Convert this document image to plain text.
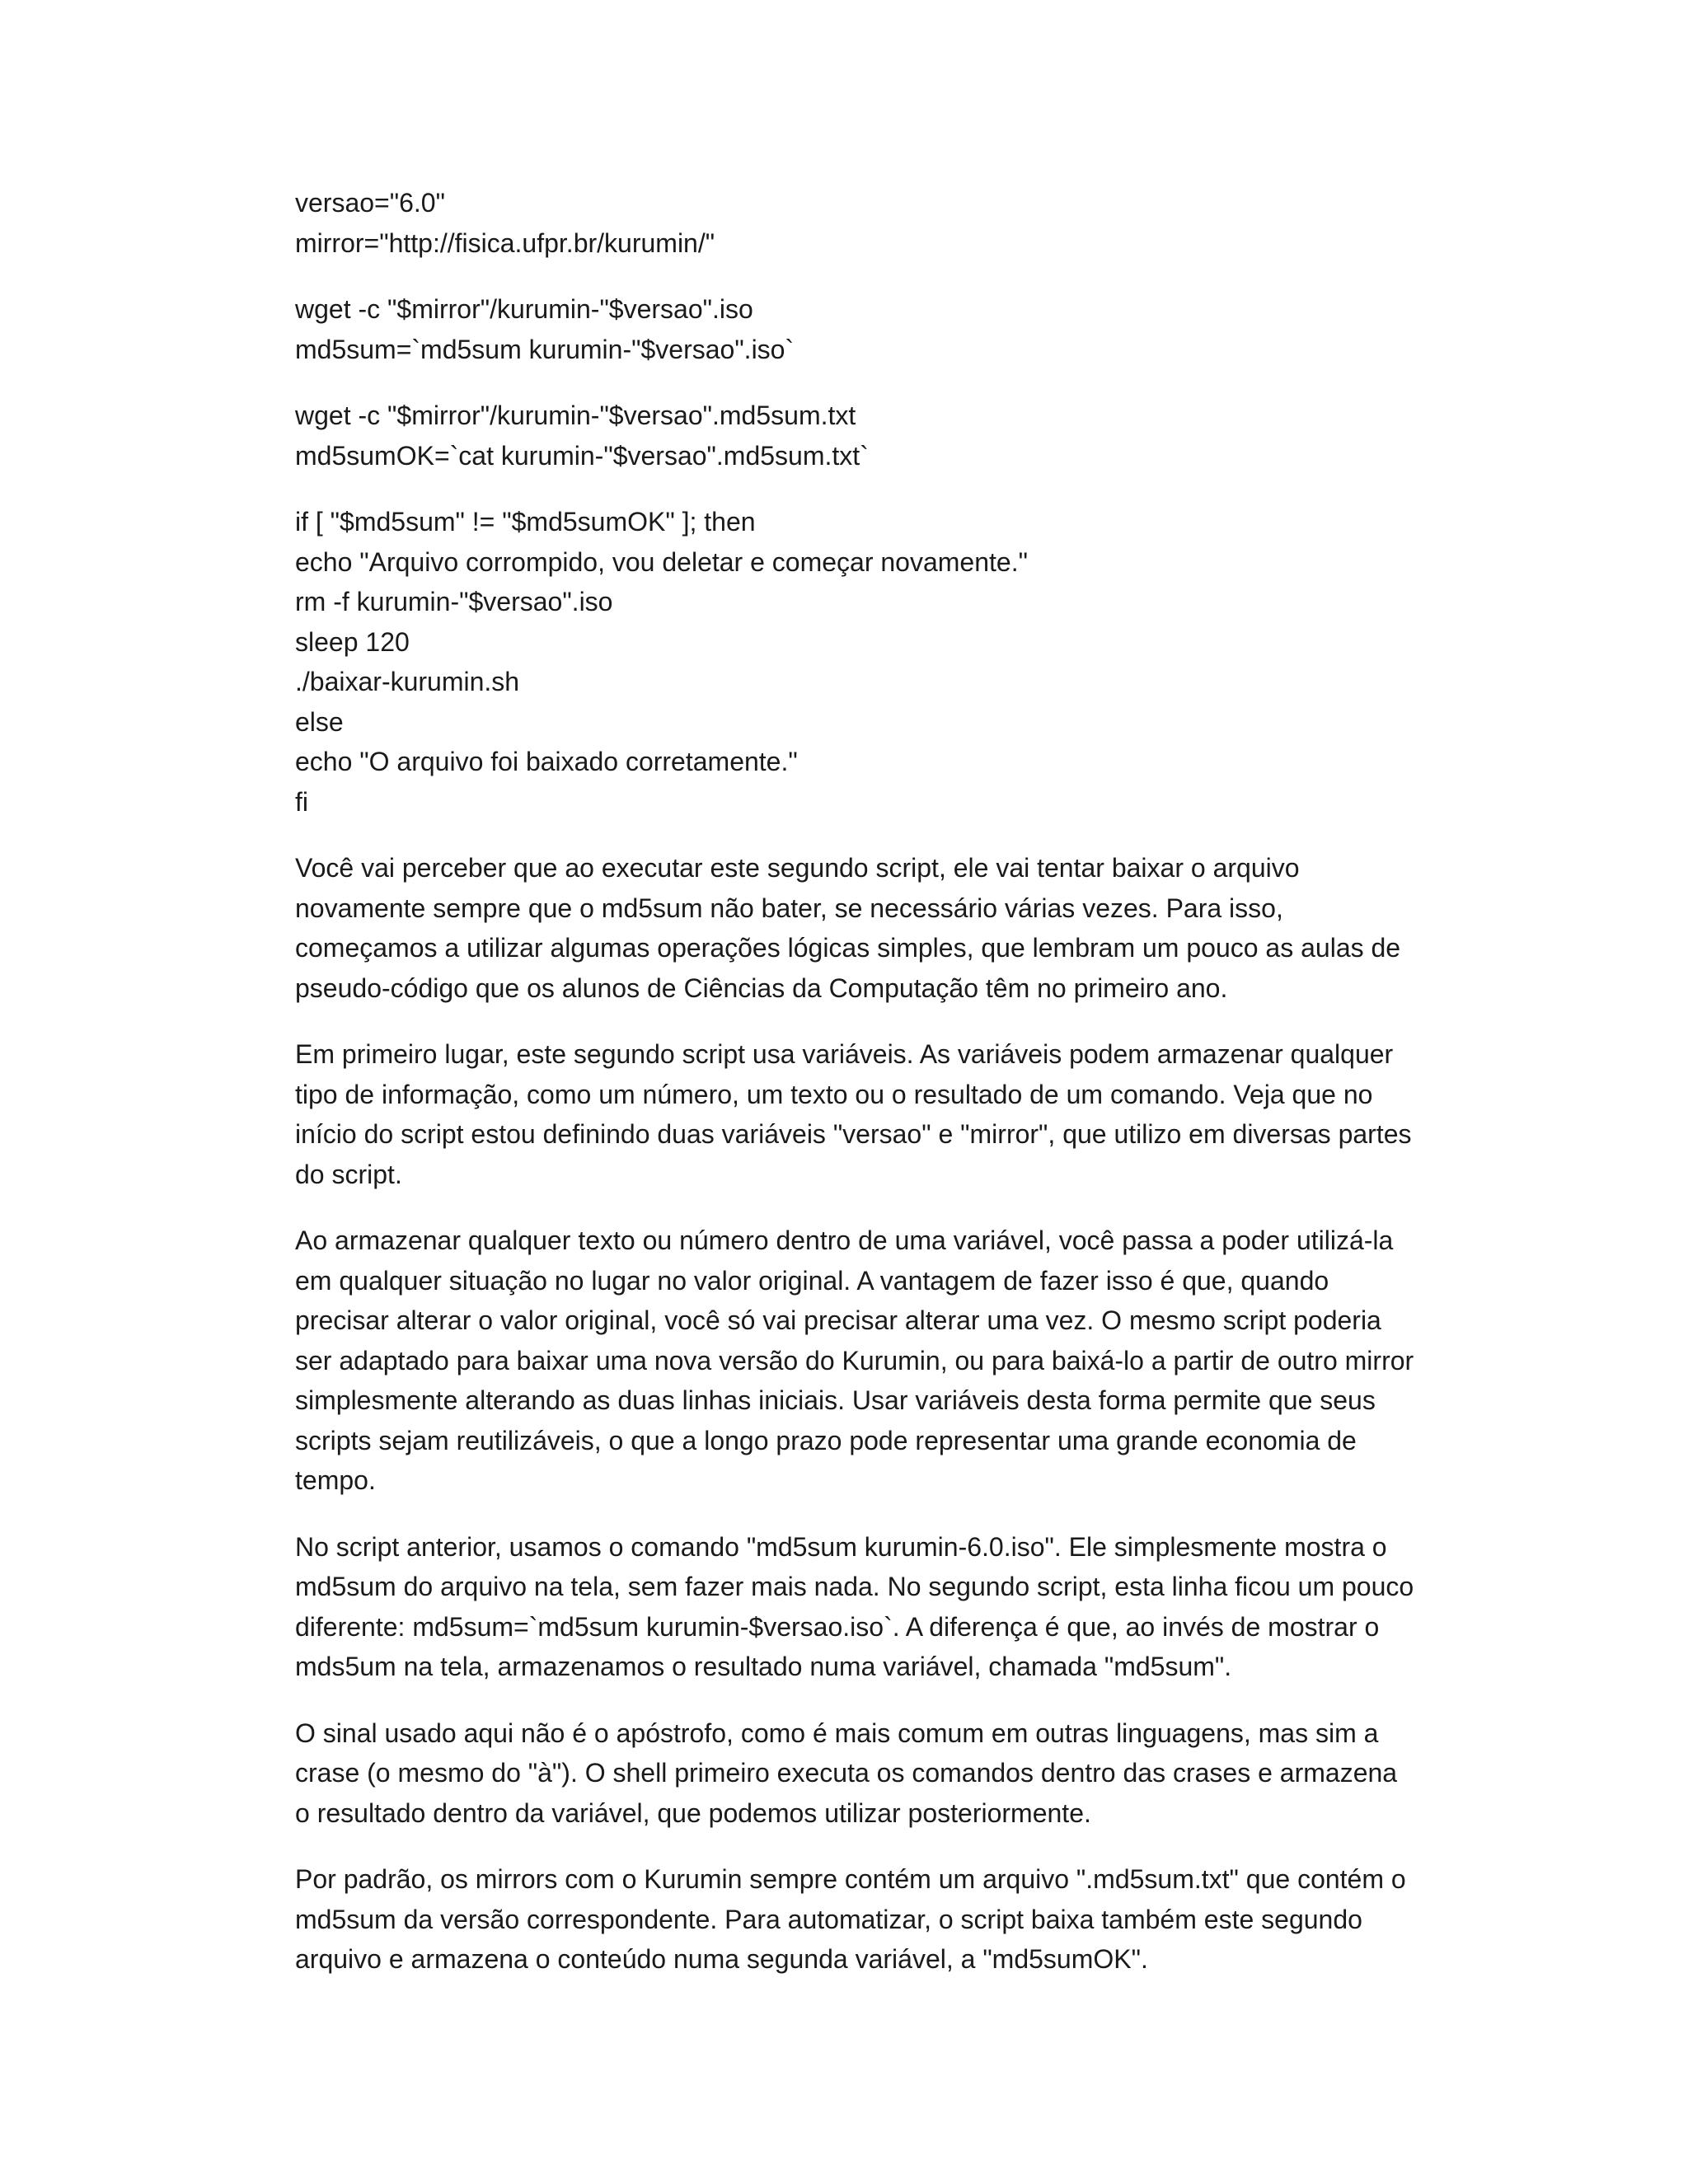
versao="6.0"
mirror="http://fisica.ufpr.br/kurumin/"
wget -c "$mirror"/kurumin-"$versao".iso
md5sum=`md5sum kurumin-"$versao".iso`
wget -c "$mirror"/kurumin-"$versao".md5sum.txt
md5sumOK=`cat kurumin-"$versao".md5sum.txt`
if [ "$md5sum" != "$md5sumOK" ]; then
echo "Arquivo corrompido, vou deletar e começar novamente."
rm -f kurumin-"$versao".iso
sleep 120
./baixar-kurumin.sh
else
echo "O arquivo foi baixado corretamente."
fi

Você vai perceber que ao executar este segundo script, ele vai tentar baixar o arquivo novamente sempre que o md5sum não bater, se necessário várias vezes. Para isso, começamos a utilizar algumas operações lógicas simples, que lembram um pouco as aulas de pseudo-código que os alunos de Ciências da Computação têm no primeiro ano.

Em primeiro lugar, este segundo script usa variáveis. As variáveis podem armazenar qualquer tipo de informação, como um número, um texto ou o resultado de um comando. Veja que no início do script estou definindo duas variáveis "versao" e "mirror", que utilizo em diversas partes do script.

Ao armazenar qualquer texto ou número dentro de uma variável, você passa a poder utilizá-la em qualquer situação no lugar no valor original. A vantagem de fazer isso é que, quando precisar alterar o valor original, você só vai precisar alterar uma vez. O mesmo script poderia ser adaptado para baixar uma nova versão do Kurumin, ou para baixá-lo a partir de outro mirror simplesmente alterando as duas linhas iniciais. Usar variáveis desta forma permite que seus scripts sejam reutilizáveis, o que a longo prazo pode representar uma grande economia de tempo.

No script anterior, usamos o comando "md5sum kurumin-6.0.iso". Ele simplesmente mostra o md5sum do arquivo na tela, sem fazer mais nada. No segundo script, esta linha ficou um pouco diferente: md5sum=`md5sum kurumin-$versao.iso`. A diferença é que, ao invés de mostrar o mds5um na tela, armazenamos o resultado numa variável, chamada "md5sum".

O sinal usado aqui não é o apóstrofo, como é mais comum em outras linguagens, mas sim a crase (o mesmo do "à"). O shell primeiro executa os comandos dentro das crases e armazena o resultado dentro da variável, que podemos utilizar posteriormente.

Por padrão, os mirrors com o Kurumin sempre contém um arquivo ".md5sum.txt" que contém o md5sum da versão correspondente. Para automatizar, o script baixa também este segundo arquivo e armazena o conteúdo numa segunda variável, a "md5sumOK".
